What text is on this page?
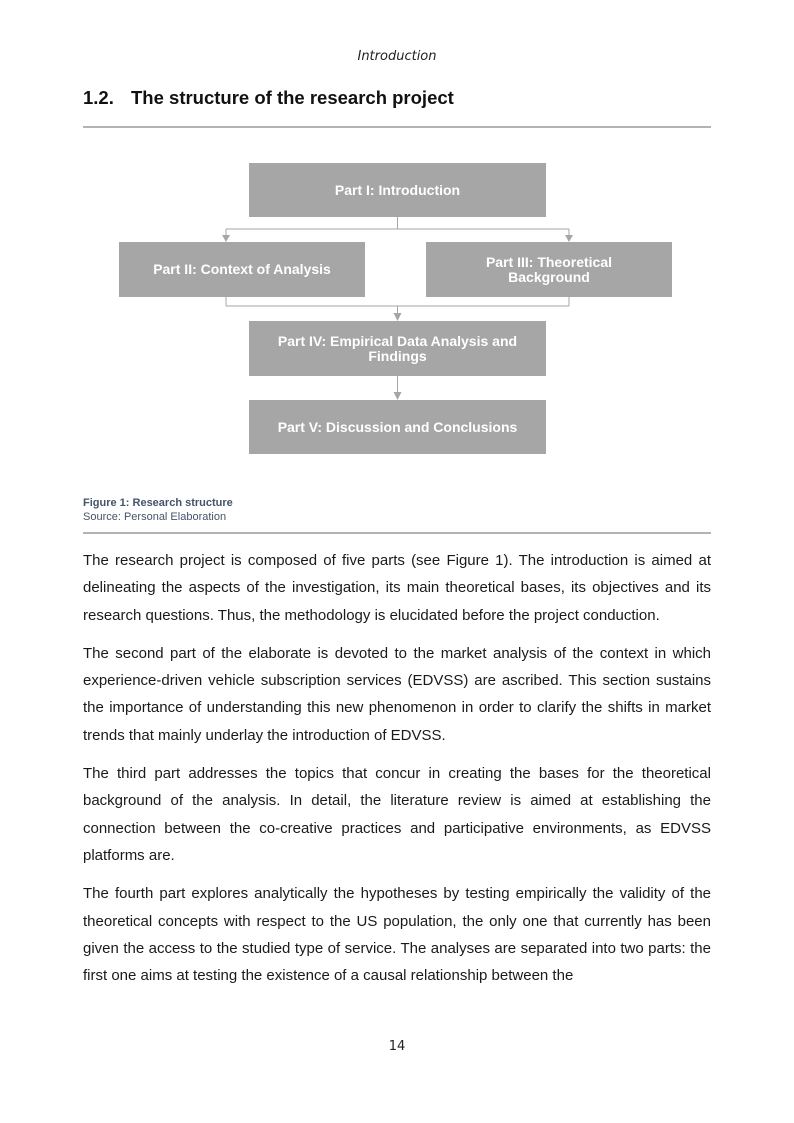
Introduction
1.2. The structure of the research project
Part I: Introduction
Part II: Context of Analysis	Part III: Theoretical Background
Part IV: Empirical Data Analysis and Findings
Part V: Discussion and Conclusions
Figure 1: Research structure
Source: Personal Elaboration

The research project is composed of five parts (see Figure 1). The introduction is aimed at delineating the aspects of the investigation, its main theoretical bases, its objectives and its research questions. Thus, the methodology is elucidated before the project conduction.

The second part of the elaborate is devoted to the market analysis of the context in which experience-driven vehicle subscription services (EDVSS) are ascribed. This section sustains the importance of understanding this new phenomenon in order to clarify the shifts in market trends that mainly underlay the introduction of EDVSS.

The third part addresses the topics that concur in creating the bases for the theoretical background of the analysis. In detail, the literature review is aimed at establishing the connection between the co-creative practices and participative environments, as EDVSS platforms are.

The fourth part explores analytically the hypotheses by testing empirically the validity of the theoretical concepts with respect to the US population, the only one that currently has been given the access to the studied type of service. The analyses are separated into two parts: the first one aims at testing the existence of a causal relationship between the

14
